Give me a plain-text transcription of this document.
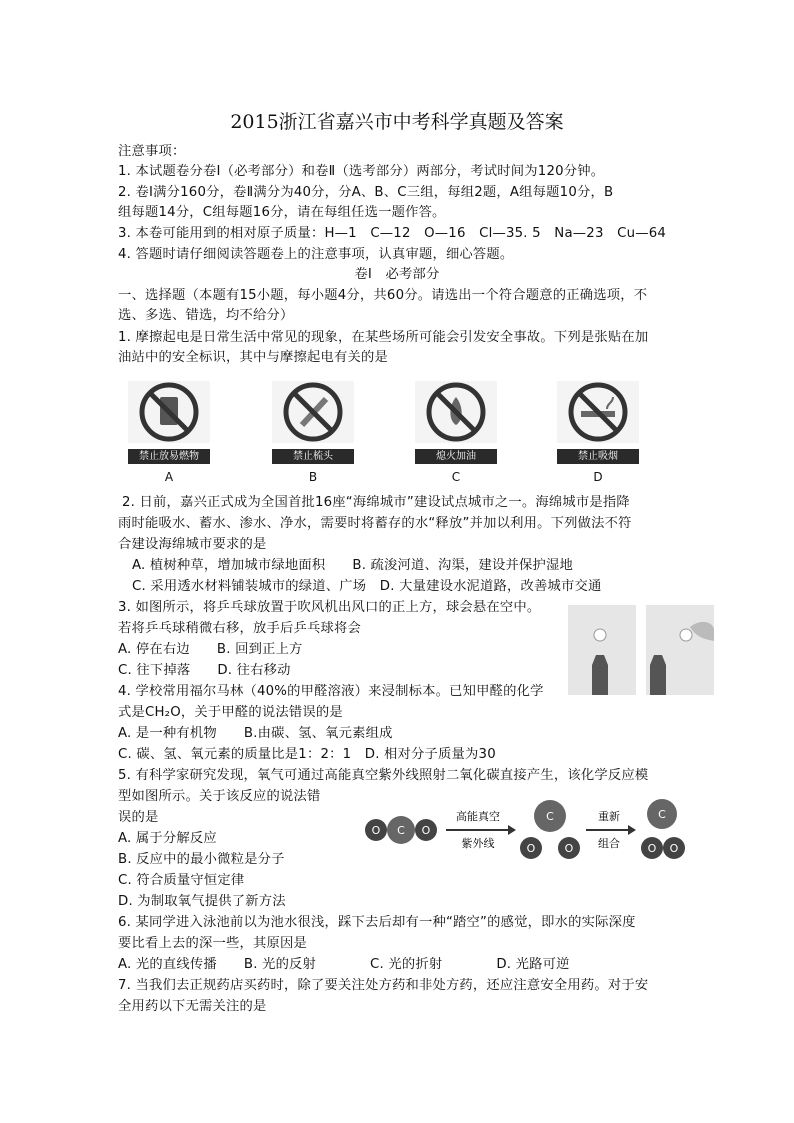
2015浙江省嘉兴市中考科学真题及答案
注意事项：
1. 本试题卷分卷Ⅰ（必考部分）和卷Ⅱ（选考部分）两部分，考试时间为120分钟。
2. 卷Ⅰ满分160分，卷Ⅱ满分为40分，分A、B、C三组，每组2题，A组每题10分，B
组每题14分，C组每题16分，请在每组任选一题作答。
3. 本卷可能用到的相对原子质量：H—1　C—12　O—16　Cl—35. 5　Na—23　Cu—64
4. 答题时请仔细阅读答题卷上的注意事项，认真审题，细心答题。
卷Ⅰ　必考部分
一、选择题（本题有15小题，每小题4分，共60分。请选出一个符合题意的正确选项，不
选、多选、错选，均不给分）
1. 摩擦起电是日常生活中常见的现象，在某些场所可能会引发安全事故。下列是张贴在加
油站中的安全标识，其中与摩擦起电有关的是
禁止放易燃物
A
禁止梳头
B
熄火加油
C
禁止吸烟
D
2. 日前，嘉兴正式成为全国首批16座“海绵城市”建设试点城市之一。海绵城市是指降
雨时能吸水、蓄水、渗水、净水，需要时将蓄存的水“释放”并加以利用。下列做法不符
合建设海绵城市要求的是
A. 植树种草，增加城市绿地面积　　B. 疏浚河道、沟渠，建设并保护湿地
C. 采用透水材料铺装城市的绿道、广场　D. 大量建设水泥道路，改善城市交通
3. 如图所示，将乒乓球放置于吹风机出风口的正上方，球会悬在空中。
若将乒乓球稍微右移，放手后乒乓球将会
A. 停在右边　　B. 回到正上方
C. 往下掉落　　D. 往右移动
4. 学校常用福尔马林（40%的甲醛溶液）来浸制标本。已知甲醛的化学
式是CH₂O，关于甲醛的说法错误的是
A. 是一种有机物　　B.由碳、氢、氧元素组成
C. 碳、氢、氧元素的质量比是1：2：1　D. 相对分子质量为30
5. 有科学家研究发现，氧气可通过高能真空紫外线照射二氧化碳直接产生，该化学反应模
型如图所示。关于该反应的说法错
误的是
A. 属于分解反应
B. 反应中的最小微粒是分子
C. 符合质量守恒定律
D. 为制取氧气提供了新方法
O C O
高能真空
紫外线
C
O	O
重新
组合
C
O O
6. 某同学进入泳池前以为池水很浅，踩下去后却有一种“踏空”的感觉，即水的实际深度
要比看上去的深一些，其原因是
A. 光的直线传播　　B. 光的反射　　　　C. 光的折射　　　　D. 光路可逆
7. 当我们去正规药店买药时，除了要关注处方药和非处方药，还应注意安全用药。对于安
全用药以下无需关注的是
